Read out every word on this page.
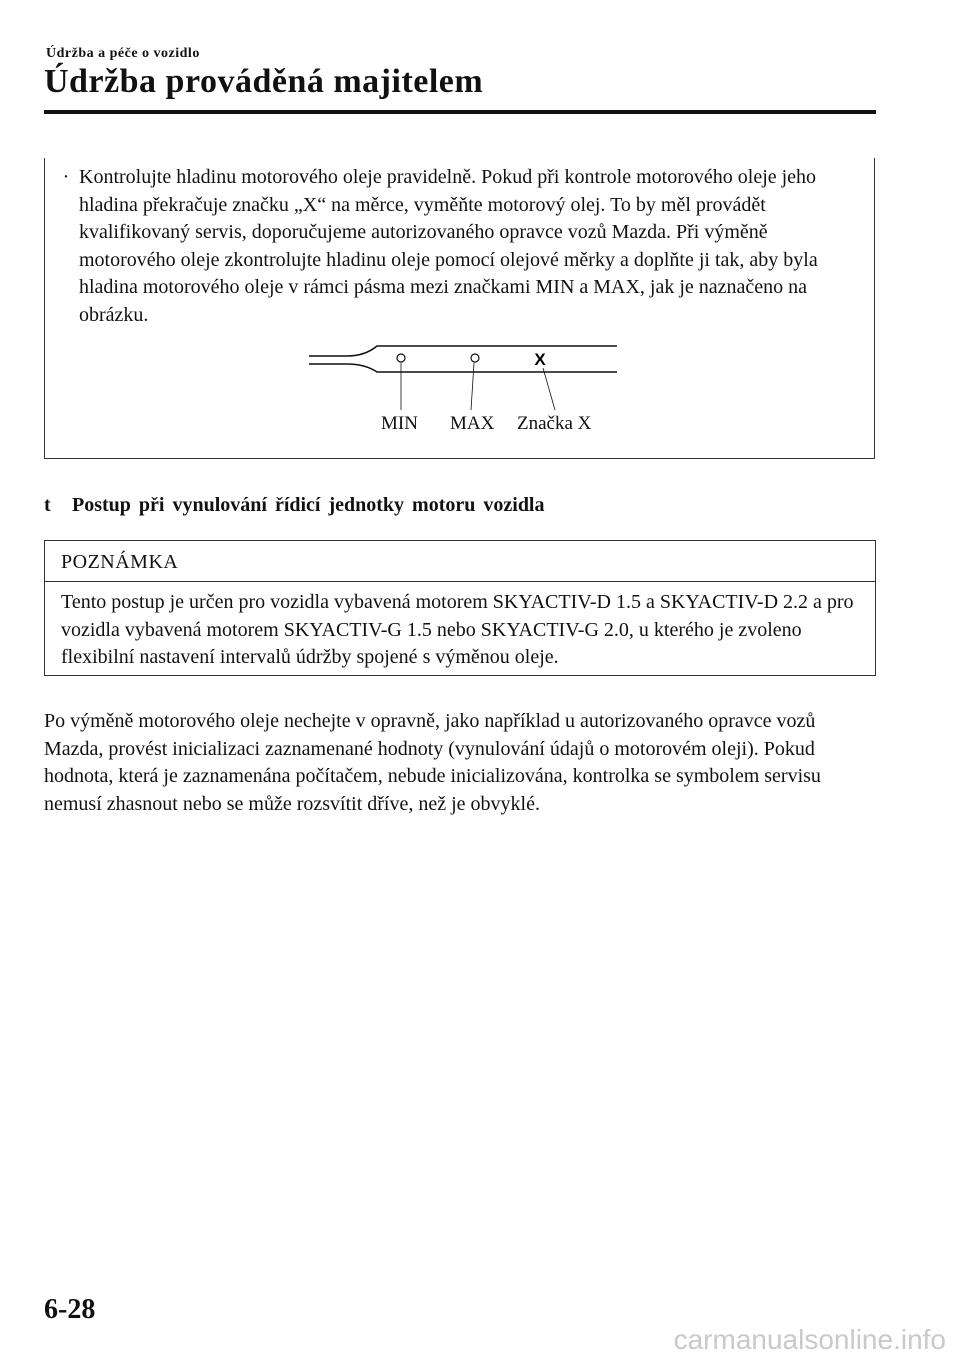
Údržba a péče o vozidlo
Údržba prováděná majitelem
· Kontrolujte hladinu motorového oleje pravidelně. Pokud při kontrole motorového oleje jeho hladina překračuje značku „X“ na měrce, vyměňte motorový olej. To by měl provádět kvalifikovaný servis, doporučujeme autorizovaného opravce vozů Mazda. Při výměně motorového oleje zkontrolujte hladinu oleje pomocí olejové měrky a doplňte ji tak, aby byla hladina motorového oleje v rámci pásma mezi značkami MIN a MAX, jak je naznačeno na obrázku.
X
MIN MAX Značka X
t Postup při vynulování řídicí jednotky motoru vozidla
POZNÁMKA
Tento postup je určen pro vozidla vybavená motorem SKYACTIV-D 1.5 a SKYACTIV-D 2.2 a pro vozidla vybavená motorem SKYACTIV-G 1.5 nebo SKYACTIV-G 2.0, u kterého je zvoleno flexibilní nastavení intervalů údržby spojené s výměnou oleje.

Po výměně motorového oleje nechejte v opravně, jako například u autorizovaného opravce vozů Mazda, provést inicializaci zaznamenané hodnoty (vynulování údajů o motorovém oleji). Pokud hodnota, která je zaznamenána počítačem, nebude inicializována, kontrolka se symbolem servisu nemusí zhasnout nebo se může rozsvítit dříve, než je obvyklé.

6-28
carmanualsonline.info
